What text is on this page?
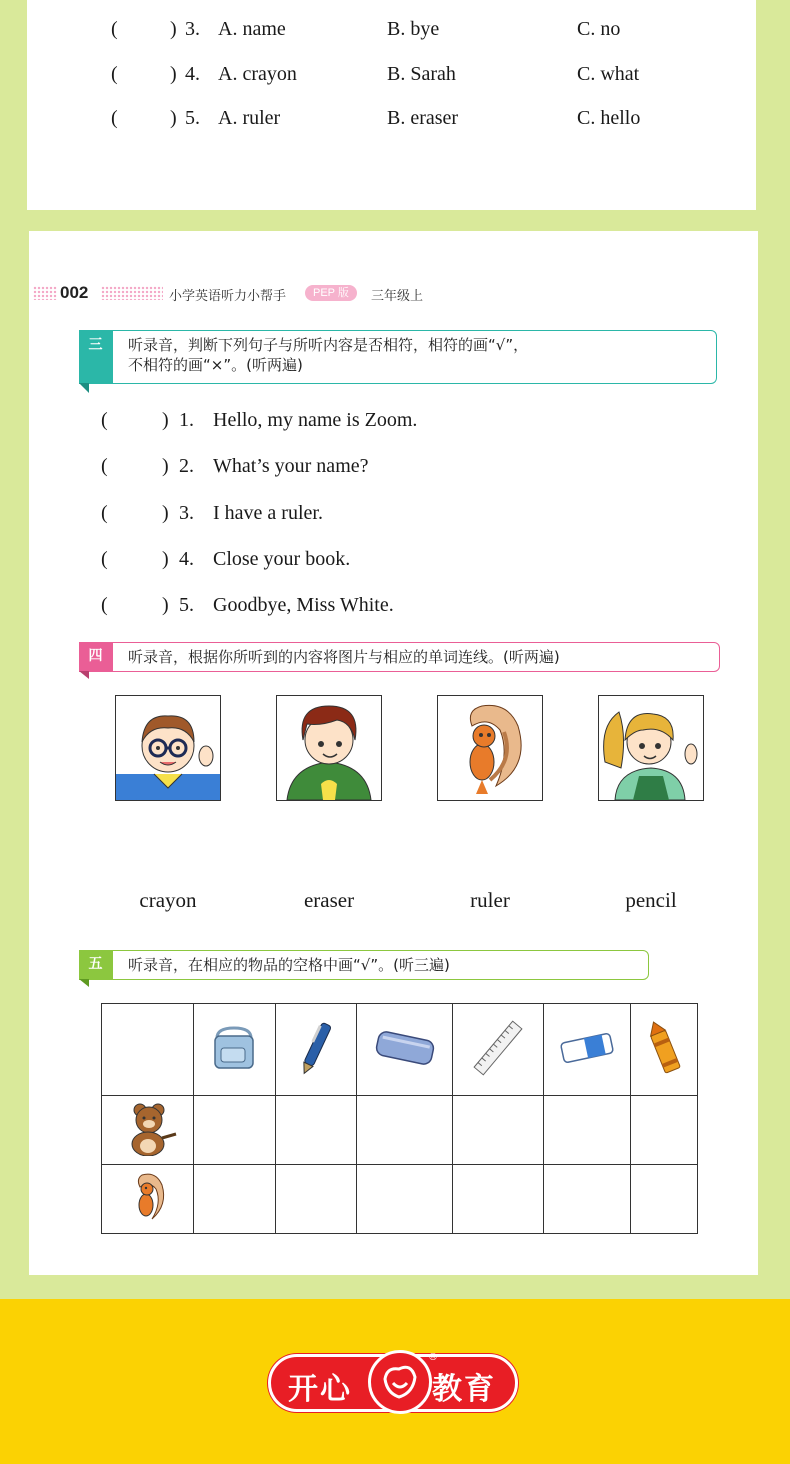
(	) 3. A. name	B. bye	C. no
(	) 4. A. crayon	B. Sarah	C. what
(	) 5. A. ruler	B. eraser	C. hello
002	小学英语听力小帮手	PEP 版	三年级上
三	听录音，判断下列句子与所听内容是否相符，相符的画“√”，
不相符的画“×”。(听两遍)
(	) 1. Hello, my name is Zoom.
(	) 2. What’s your name?
(	) 3. I have a ruler.
(	) 4. Close your book.
(	) 5. Goodbye, Miss White.
四	听录音，根据你所听到的内容将图片与相应的单词连线。(听两遍)
crayon	eraser	ruler	pencil
五	听录音，在相应的物品的空格中画“√”。(听三遍)

开心
®
教育
